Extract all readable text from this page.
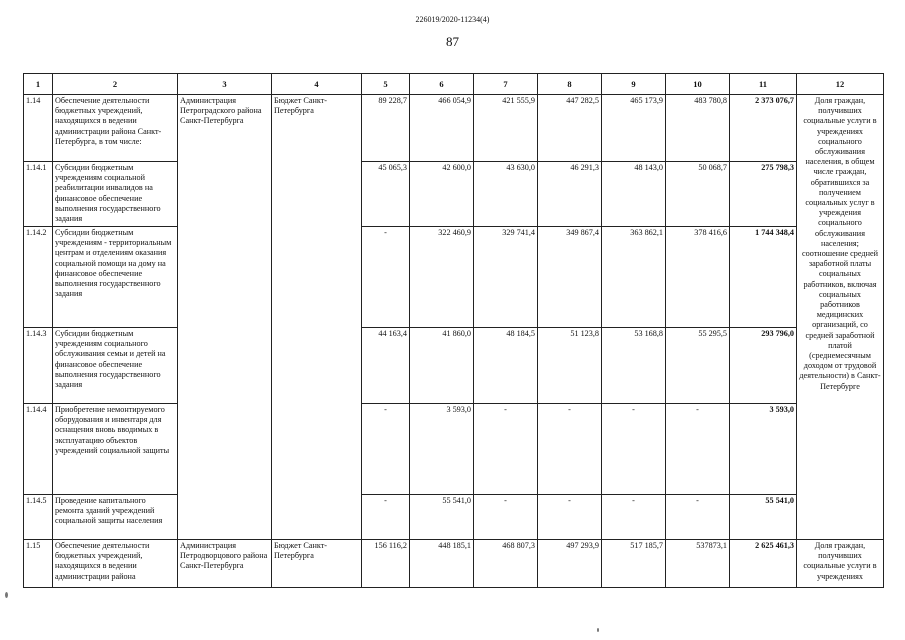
226019/2020-11234(4)
87
1	2	3	4	5	6	7	8	9	10	11	12
1.14	Обеспечение деятельности бюджетных учреждений, находящихся в ведении администрации района Санкт-Петербурга, в том числе:	Администрация Петроградского района Санкт-Петербурга	Бюджет Санкт-Петербурга	89 228,7	466 054,9	421 555,9	447 282,5	465 173,9	483 780,8	2 373 076,7	Доля граждан, получивших социальные услуги в учреждениях социального обслуживания населения, в общем числе граждан, обратившихся за получением социальных услуг в учреждения социального обслуживания населения; соотношение средней заработной платы социальных работников, включая социальных работников медицинских организаций, со средней заработной платой (среднемесячным доходом от трудовой деятельности) в Санкт-Петербурге
1.14.1	Субсидии бюджетным учреждениям социальной реабилитации инвалидов на финансовое обеспечение выполнения государственного задания			45 065,3	42 600,0	43 630,0	46 291,3	48 143,0	50 068,7	275 798,3	
1.14.2	Субсидии бюджетным учреждениям - территориальным центрам и отделениям оказания социальной помощи на дому на финансовое обеспечение выполнения государственного задания			-	322 460,9	329 741,4	349 867,4	363 862,1	378 416,6	1 744 348,4	
1.14.3	Субсидии бюджетным учреждениям социального обслуживания семьи и детей на финансовое обеспечение выполнения государственного задания			44 163,4	41 860,0	48 184,5	51 123,8	53 168,8	55 295,5	293 796,0	
1.14.4	Приобретение немонтируемого оборудования и инвентаря для оснащения вновь вводимых в эксплуатацию объектов учреждений социальной защиты			-	3 593,0	-	-	-	-	3 593,0	
1.14.5	Проведение капитального ремонта зданий учреждений социальной защиты населения			-	55 541,0	-	-	-	-	55 541,0	
1.15	Обеспечение деятельности бюджетных учреждений, находящихся в ведении администрации района	Администрация Петродворцового района Санкт-Петербурга	Бюджет Санкт-Петербурга	156 116,2	448 185,1	468 807,3	497 293,9	517 185,7	537873,1	2 625 461,3	Доля граждан, получивших социальные услуги в учреждениях
